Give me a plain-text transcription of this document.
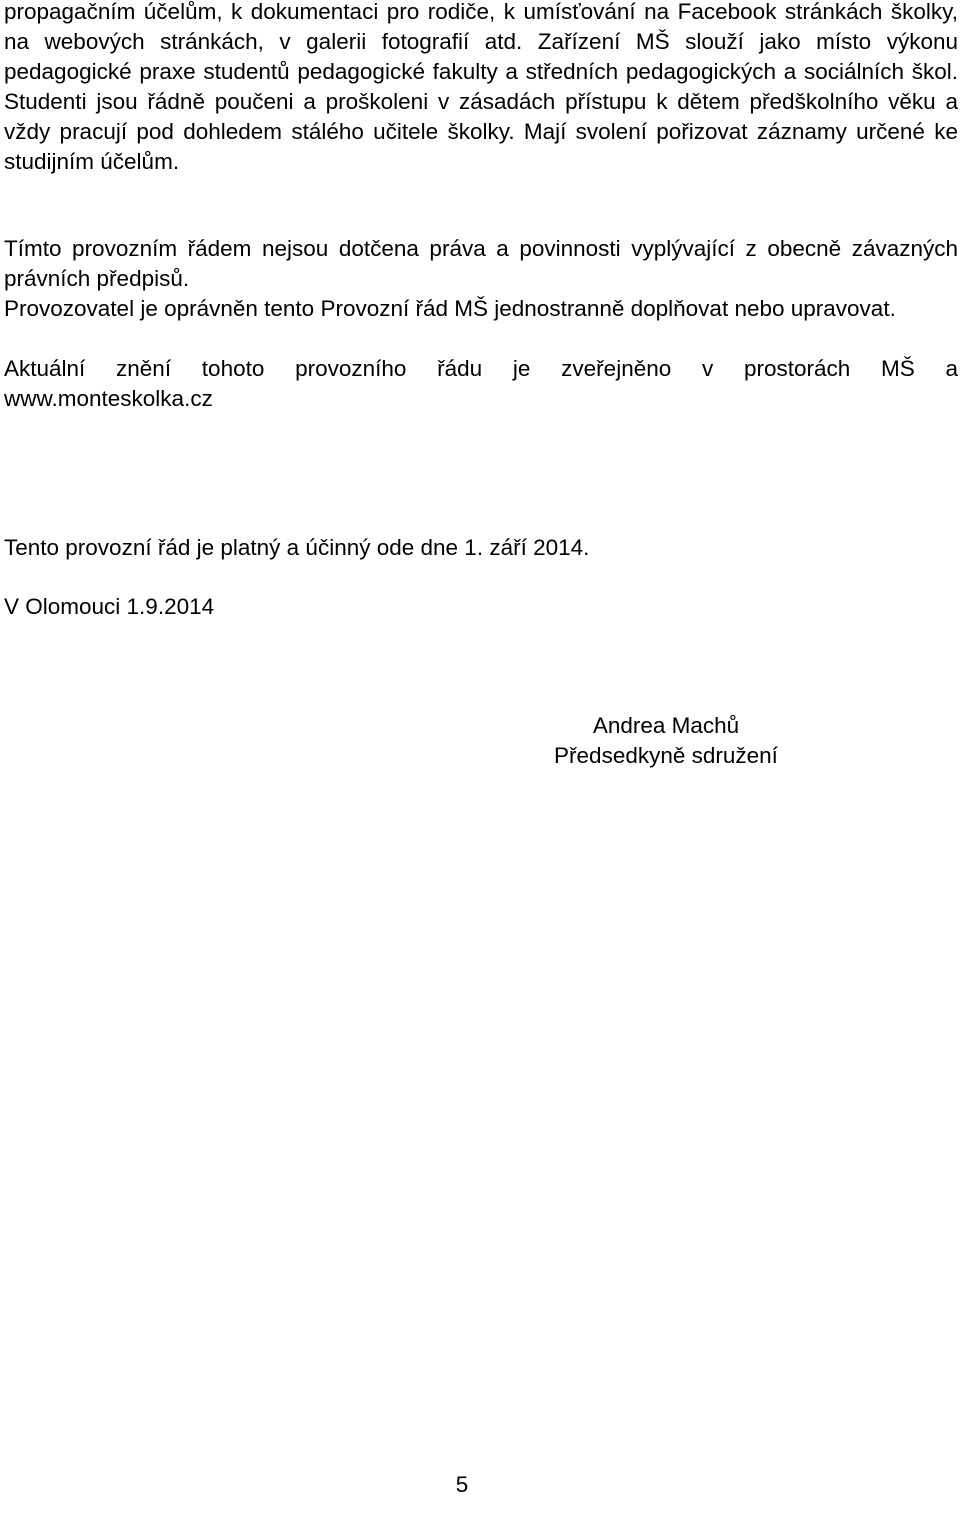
propagačním účelům, k dokumentaci pro rodiče, k umísťování na Facebook stránkách školky, na webových stránkách, v galerii fotografií atd. Zařízení MŠ slouží jako místo výkonu pedagogické praxe studentů pedagogické fakulty a středních pedagogických a sociálních škol. Studenti jsou řádně poučeni a proškoleni v zásadách přístupu k dětem předškolního věku a vždy pracují pod dohledem stálého učitele školky. Mají svolení pořizovat záznamy určené ke studijním účelům.

Tímto provozním řádem nejsou dotčena práva a povinnosti vyplývající z obecně závazných právních předpisů.

Provozovatel je oprávněn tento Provozní řád MŠ jednostranně doplňovat nebo upravovat.

Aktuální znění tohoto provozního řádu je zveřejněno v prostorách MŠ a

www.monteskolka.cz

Tento provozní řád je platný a účinný ode dne 1. září 2014.

V Olomouci 1.9.2014

Andrea Machů
Předsedkyně sdružení

5
